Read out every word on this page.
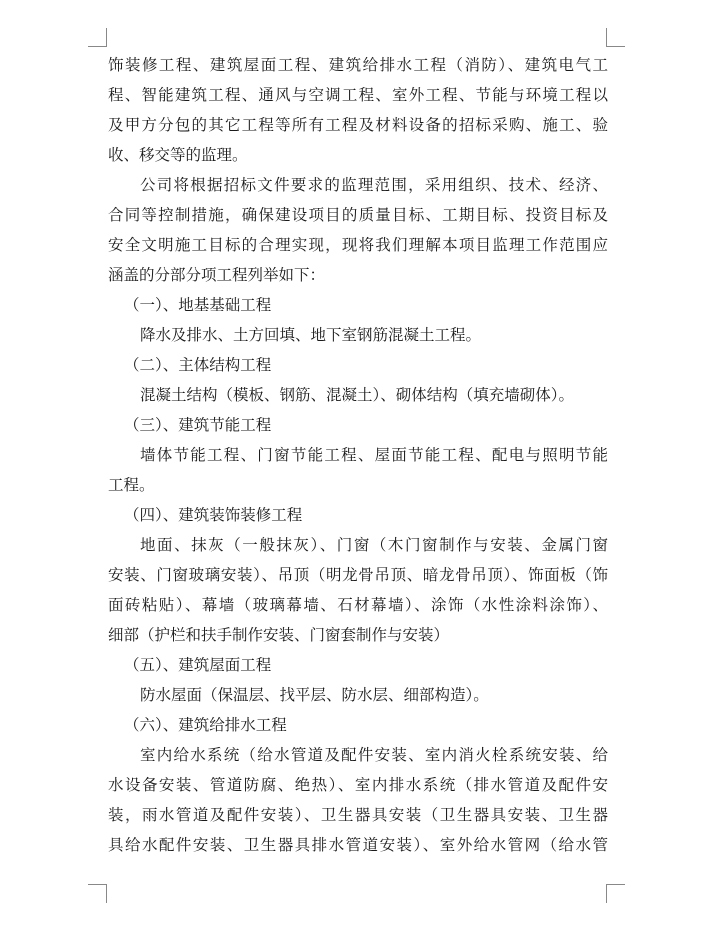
饰装修工程、建筑屋面工程、建筑给排水工程（消防）、建筑电气工
程、智能建筑工程、通风与空调工程、室外工程、节能与环境工程以
及甲方分包的其它工程等所有工程及材料设备的招标采购、施工、验
收、移交等的监理。
公司将根据招标文件要求的监理范围，采用组织、技术、经济、
合同等控制措施，确保建设项目的质量目标、工期目标、投资目标及
安全文明施工目标的合理实现，现将我们理解本项目监理工作范围应
涵盖的分部分项工程列举如下：
（一）、地基基础工程
降水及排水、土方回填、地下室钢筋混凝土工程。
（二）、主体结构工程
混凝土结构（模板、钢筋、混凝土）、砌体结构（填充墙砌体）。
（三）、建筑节能工程
墙体节能工程、门窗节能工程、屋面节能工程、配电与照明节能
工程。
（四）、建筑装饰装修工程
地面、抹灰（一般抹灰）、门窗（木门窗制作与安装、金属门窗
安装、门窗玻璃安装）、吊顶（明龙骨吊顶、暗龙骨吊顶）、饰面板（饰
面砖粘贴）、幕墙（玻璃幕墙、石材幕墙）、涂饰（水性涂料涂饰）、
细部（护栏和扶手制作安装、门窗套制作与安装）
（五）、建筑屋面工程
防水屋面（保温层、找平层、防水层、细部构造）。
（六）、建筑给排水工程
室内给水系统（给水管道及配件安装、室内消火栓系统安装、给
水设备安装、管道防腐、绝热）、室内排水系统（排水管道及配件安
装，雨水管道及配件安装）、卫生器具安装（卫生器具安装、卫生器
具给水配件安装、卫生器具排水管道安装）、室外给水管网（给水管
